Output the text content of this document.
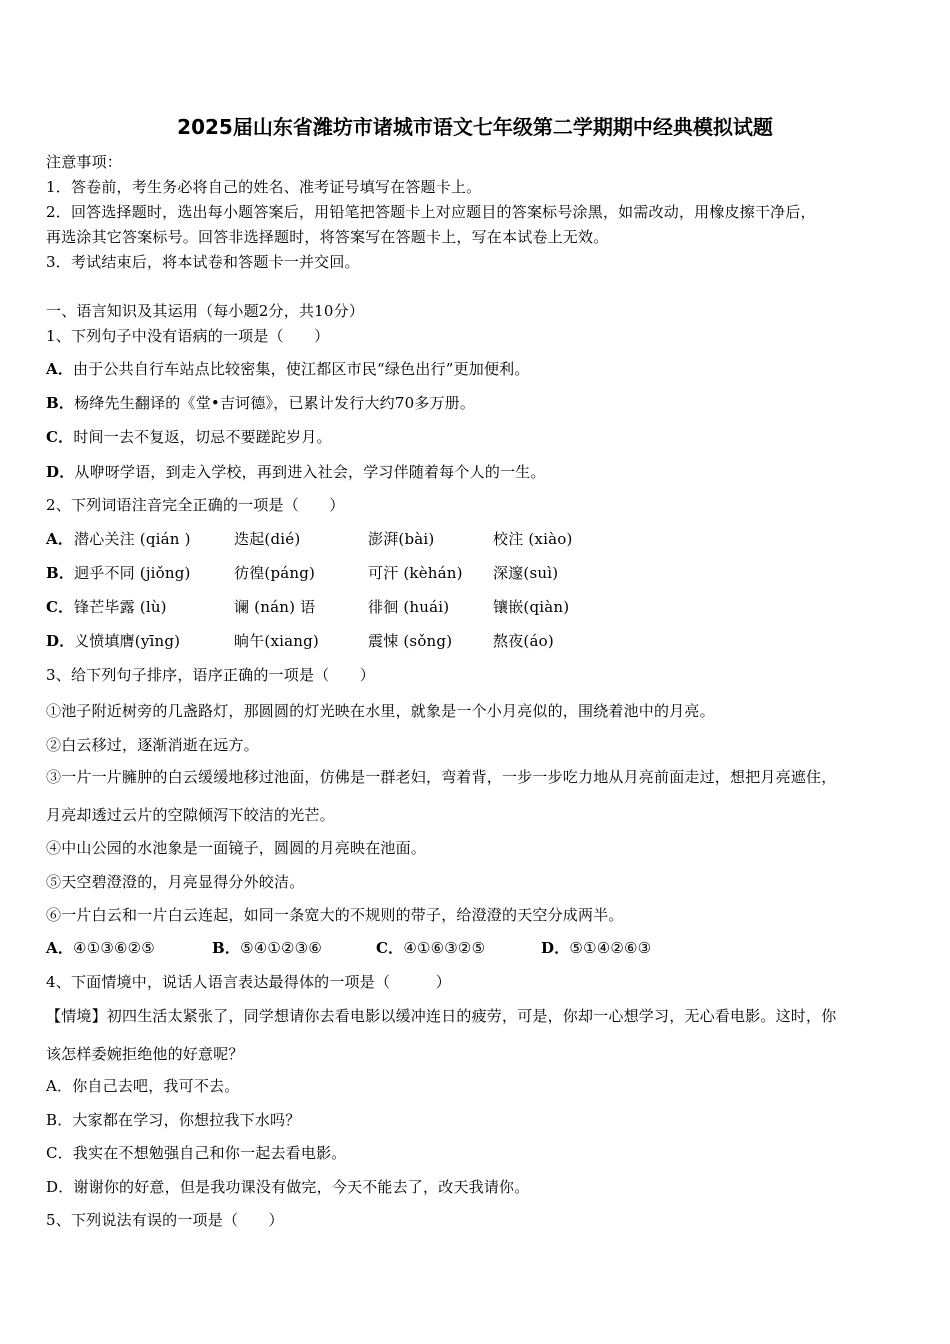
2025届山东省潍坊市诸城市语文七年级第二学期期中经典模拟试题
注意事项：
1．答卷前，考生务必将自己的姓名、准考证号填写在答题卡上。
2．回答选择题时，选出每小题答案后，用铅笔把答题卡上对应题目的答案标号涂黑，如需改动，用橡皮擦干净后，
再选涂其它答案标号。回答非选择题时，将答案写在答题卡上，写在本试卷上无效。
3．考试结束后，将本试卷和答题卡一并交回。
一、语言知识及其运用（每小题2分，共10分）
1、下列句子中没有语病的一项是（　　）
A．由于公共自行车站点比较密集，使江都区市民“绿色出行”更加便利。
B．杨绛先生翻译的《堂•吉诃德》，已累计发行大约70多万册。
C．时间一去不复返，切忌不要蹉跎岁月。
D．从咿呀学语，到走入学校，再到进入社会，学习伴随着每个人的一生。
2、下列词语注音完全正确的一项是（　　）
A． 潜心关注 (qián )	迭起(dié)	澎湃(bài)	校注 (xiào)
B． 迥乎不同 (jiǒng)	彷徨(páng)	可汗 (kèhán) 深邃(suì)
C． 锋芒毕露 (lù)	谰 (nán) 语	徘徊 (huái)	镶嵌(qiàn)
D． 义愤填膺(yīng)	晌午(xiang)	震悚 (sǒng)	熬夜(áo)
3、给下列句子排序，语序正确的一项是（　　）
①池子附近树旁的几盏路灯，那圆圆的灯光映在水里，就象是一个小月亮似的，围绕着池中的月亮。
②白云移过，逐渐消逝在远方。
③一片一片臃肿的白云缓缓地移过池面，仿佛是一群老妇，弯着背，一步一步吃力地从月亮前面走过，想把月亮遮住，
月亮却透过云片的空隙倾泻下皎洁的光芒。
④中山公园的水池象是一面镜子，圆圆的月亮映在池面。
⑤天空碧澄澄的，月亮显得分外皎洁。
⑥一片白云和一片白云连起，如同一条宽大的不规则的带子，给澄澄的天空分成两半。
A．④①③⑥②⑤	B．⑤④①②③⑥	C．④①⑥③②⑤	D．⑤①④②⑥③
4、下面情境中，说话人语言表达最得体的一项是（　　　）
【情境】初四生活太紧张了，同学想请你去看电影以缓冲连日的疲劳，可是，你却一心想学习，无心看电影。这时，你
该怎样委婉拒绝他的好意呢？
A．你自己去吧，我可不去。
B．大家都在学习，你想拉我下水吗？
C．我实在不想勉强自己和你一起去看电影。
D．谢谢你的好意，但是我功课没有做完，今天不能去了，改天我请你。
5、下列说法有误的一项是（　　）
